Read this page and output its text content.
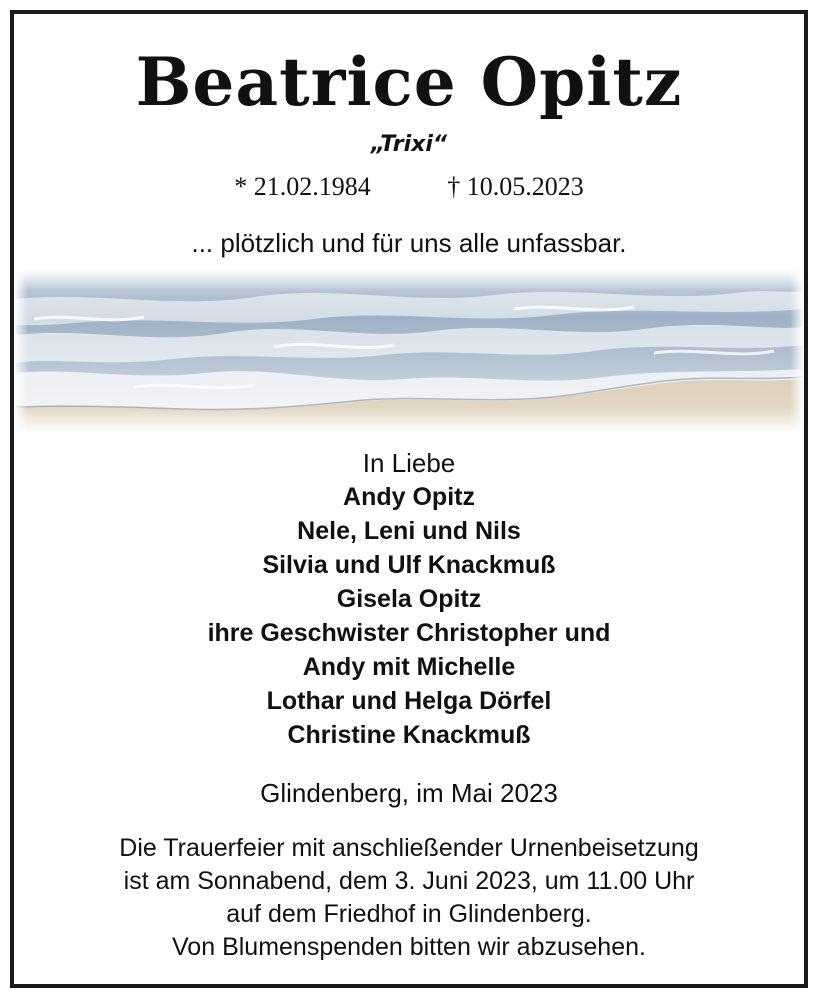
Beatrice Opitz
„Trixi“
* 21.02.1984	† 10.05.2023
... plötzlich und für uns alle unfassbar.
In Liebe
Andy Opitz
Nele, Leni und Nils
Silvia und Ulf Knackmuß
Gisela Opitz
ihre Geschwister Christopher und
Andy mit Michelle
Lothar und Helga Dörfel
Christine Knackmuß
Glindenberg, im Mai 2023
Die Trauerfeier mit anschließender Urnenbeisetzung
ist am Sonnabend, dem 3. Juni 2023, um 11.00 Uhr
auf dem Friedhof in Glindenberg.
Von Blumenspenden bitten wir abzusehen.
